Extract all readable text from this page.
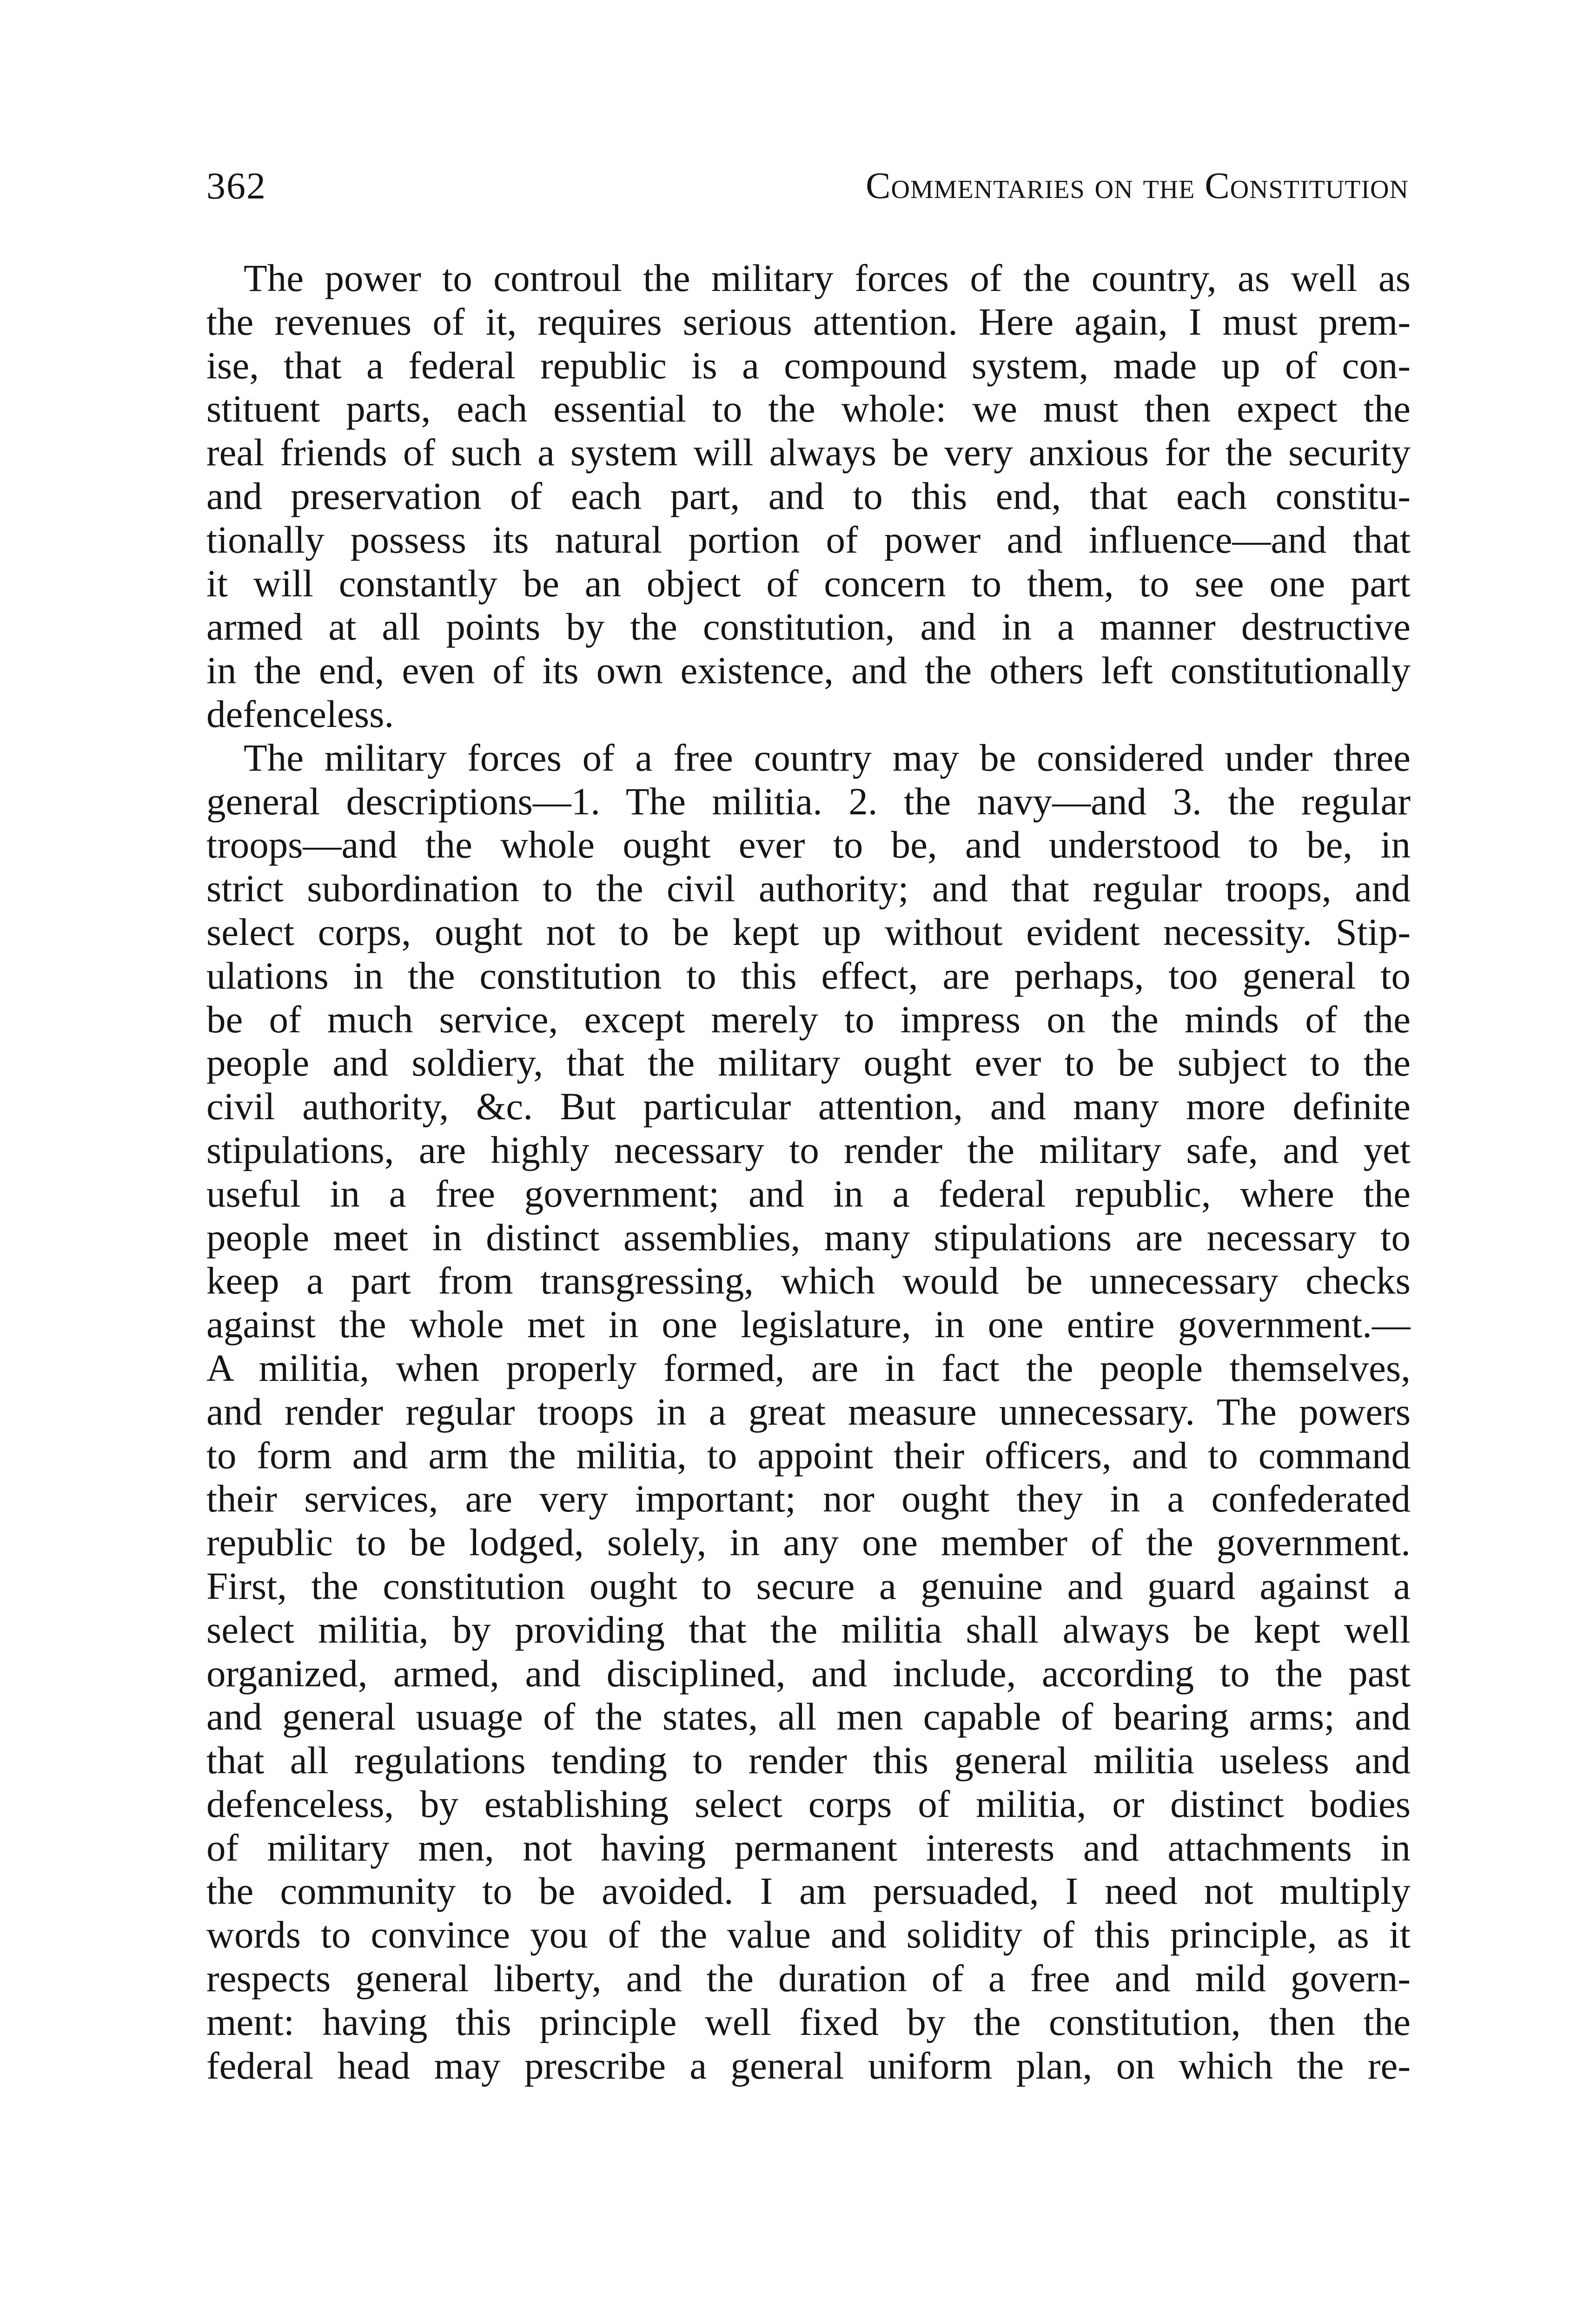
362	Commentaries on the Constitution
The power to controul the military forces of the country, as well as
the revenues of it, requires serious attention. Here again, I must prem-
ise, that a federal republic is a compound system, made up of con-
stituent parts, each essential to the whole: we must then expect the
real friends of such a system will always be very anxious for the security
and preservation of each part, and to this end, that each constitu-
tionally possess its natural portion of power and influence—and that
it will constantly be an object of concern to them, to see one part
armed at all points by the constitution, and in a manner destructive
in the end, even of its own existence, and the others left constitutionally
defenceless.
The military forces of a free country may be considered under three
general descriptions—1. The militia. 2. the navy—and 3. the regular
troops—and the whole ought ever to be, and understood to be, in
strict subordination to the civil authority; and that regular troops, and
select corps, ought not to be kept up without evident necessity. Stip-
ulations in the constitution to this effect, are perhaps, too general to
be of much service, except merely to impress on the minds of the
people and soldiery, that the military ought ever to be subject to the
civil authority, &c. But particular attention, and many more definite
stipulations, are highly necessary to render the military safe, and yet
useful in a free government; and in a federal republic, where the
people meet in distinct assemblies, many stipulations are necessary to
keep a part from transgressing, which would be unnecessary checks
against the whole met in one legislature, in one entire government.—
A militia, when properly formed, are in fact the people themselves,
and render regular troops in a great measure unnecessary. The powers
to form and arm the militia, to appoint their officers, and to command
their services, are very important; nor ought they in a confederated
republic to be lodged, solely, in any one member of the government.
First, the constitution ought to secure a genuine and guard against a
select militia, by providing that the militia shall always be kept well
organized, armed, and disciplined, and include, according to the past
and general usuage of the states, all men capable of bearing arms; and
that all regulations tending to render this general militia useless and
defenceless, by establishing select corps of militia, or distinct bodies
of military men, not having permanent interests and attachments in
the community to be avoided. I am persuaded, I need not multiply
words to convince you of the value and solidity of this principle, as it
respects general liberty, and the duration of a free and mild govern-
ment: having this principle well fixed by the constitution, then the
federal head may prescribe a general uniform plan, on which the re-
